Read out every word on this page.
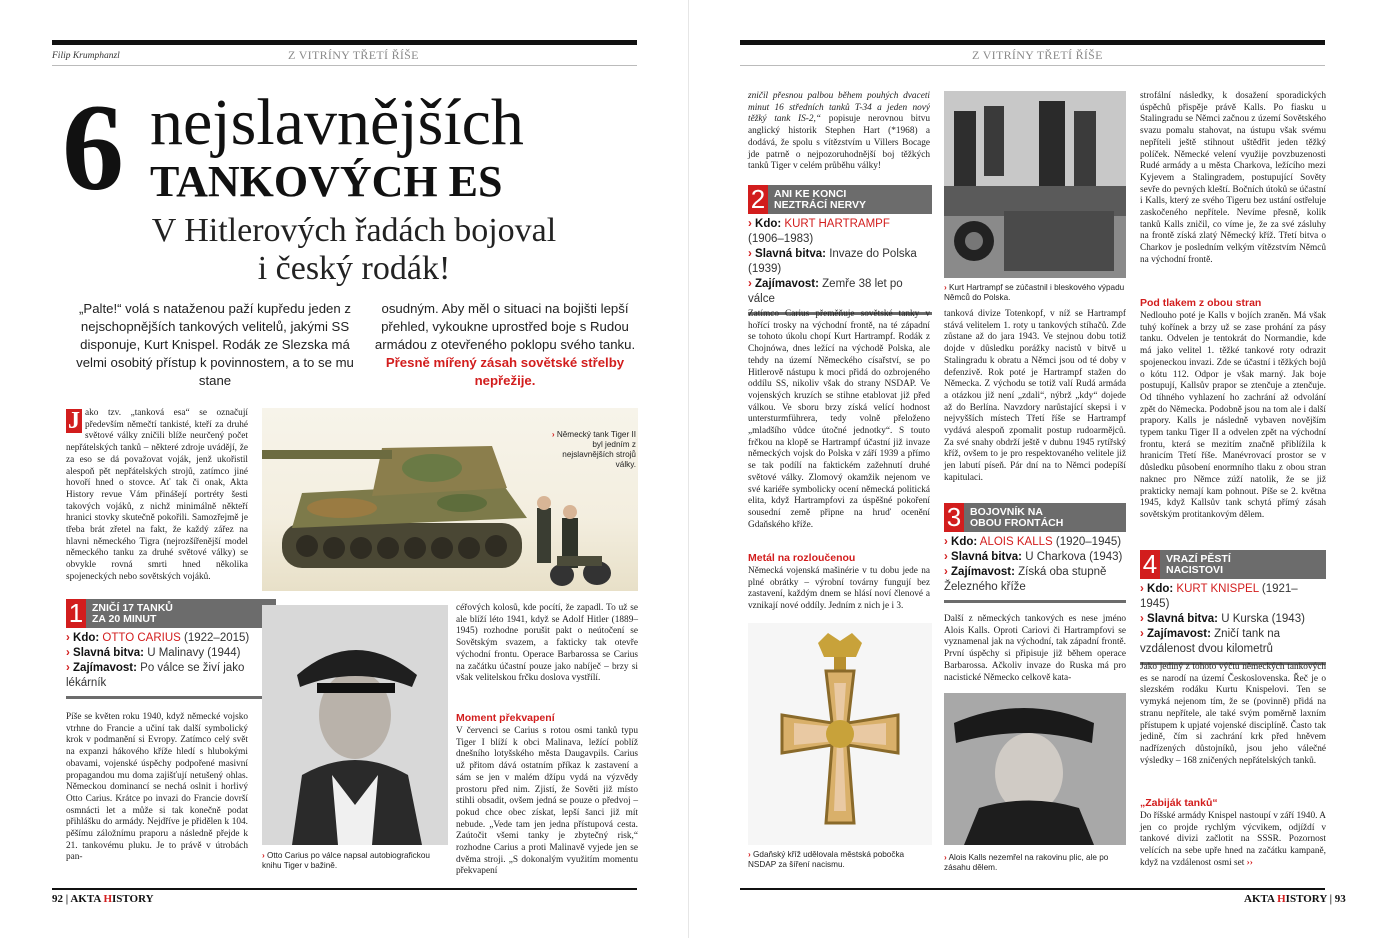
Filip Krumphanzl	Z VITRÍNY TŘETÍ ŘÍŠE
6 nejslavnějších
TANKOVÝCH ES
V Hitlerových řadách bojoval
i český rodák!
„Palte!“ volá s nataženou paží kupředu jeden z nejschopnějších tankových velitelů, jakými SS disponuje, Kurt Knispel. Rodák ze Slezska má velmi osobitý přístup k povinnostem, a to se mu stane
osudným. Aby měl o situaci na bojišti lepší přehled, vykoukne uprostřed boje s Rudou armádou z otevřeného poklopu svého tanku. Přesně mířený zásah sovětské střelby nepřežije.
J ako tzv. „tanková esa“ se označují především němečtí tankisté, kteří za druhé světové války zničili blíže neurčený počet nepřátelských tanků – některé zdroje uvádějí, že za eso se dá považovat voják, jenž ukořistil alespoň pět nepřátelských strojů, zatímco jiné hovoří hned o stovce. Ať tak či onak, Akta History revue Vám přinášejí portréty šesti takových vojáků, z nichž minimálně někteří hranici stovky skutečně pokořili. Samozřejmě je třeba brát zřetel na fakt, že každý zářez na hlavni německého Tigra (nejrozšířenější model německého tanku za druhé světové války) se obvykle rovná smrti hned několika spojeneckých nebo sovětských vojáků.
› Německý tank Tiger II byl jedním z nejslavnějších strojů války.
1 ZNIČÍ 17 TANKŮ
ZA 20 MINUT
› Kdo: OTTO CARIUS (1922–2015)
› Slavná bitva: U Malinavy (1944)
› Zajímavost: Po válce se živí jako lékárník
Píše se květen roku 1940, když německé vojsko vtrhne do Francie a učiní tak další symbolický krok v podmanění si Evropy. Zatímco celý svět na expanzi hákového kříže hledí s hlubokými obavami, vojenské úspěchy podpořené masivní propagandou mu doma zajišťují netušený ohlas. Německou dominancí se nechá oslnit i horlivý Otto Carius. Krátce po invazi do Francie dovrší osmnácti let a může si tak konečně podat přihlášku do armády. Nejdříve je přidělen k 104. pěšímu záložnímu praporu a následně přejde k 21. tankovému pluku. Je to právě v útrobách pan-	› Otto Carius po válce napsal autobiografickou knihu Tiger v bažině.
céřových kolosů, kde pocítí, že zapadl. To už se ale blíží léto 1941, když se Adolf Hitler (1889–1945) rozhodne porušit pakt o neútočení se Sovětským svazem, a fakticky tak otevře východní frontu. Operace Barbarossa se Carius na začátku účastní pouze jako nabíječ – brzy si však velitelskou frčku doslova vystřílí.
Moment překvapení
V červenci se Carius s rotou osmi tanků typu Tiger I blíží k obci Malinava, ležící poblíž dnešního lotyšského města Daugavpils. Carius už přitom dává ostatním příkaz k zastavení a sám se jen v malém džípu vydá na výzvědy prostoru před nim. Zjistí, že Sověti již místo stihli obsadit, ovšem jedná se pouze o předvoj – pokud chce obec získat, lepší šanci již mít nebude. „Vede tam jen jedna přístupová cesta. Zaútočit všemi tanky je zbytečný risk,“ rozhodne Carius a proti Malinavě vyjede jen se dvěma stroji. „S dokonalým využitím momentu překvapení
92 | AKTA HISTORY
Z VITRÍNY TŘETÍ ŘÍŠE
zničil přesnou palbou během pouhých dvaceti minut 16 středních tanků T-34 a jeden nový těžký tank IS-2,“ popisuje nerovnou bitvu anglický historik Stephen Hart (*1968) a dodává, že spolu s vítězstvím u Villers Bocage jde patrně o nejpozoruhodnější boj těžkých tanků Tiger v celém průběhu války!
2 ANI KE KONCI
NEZTRÁCÍ NERVY
› Kdo: KURT HARTRAMPF
(1906–1983)
› Slavná bitva: Invaze do Polska (1939)
› Zajímavost: Zemře 38 let po válce
Zatímco Carius přeměňuje sovětské tanky v hořící trosky na východní frontě, na té západní se tohoto úkolu chopí Kurt Hartrampf. Rodák z Chojnówa, dnes ležící na východě Polska, ale tehdy na území Německého císařství, se po Hitlerově nástupu k moci přidá do ozbrojeného oddílu SS, nikoliv však do strany NSDAP. Ve vojenských kruzích se stihne etablovat již před válkou. Ve sboru brzy získá velící hodnost untersturmführera, tedy volně přeloženo „mladšího vůdce útočné jednotky“. S touto frčkou na klopě se Hartrampf účastní již invaze německých vojsk do Polska v září 1939 a přímo se tak podílí na faktickém zažehnutí druhé světové války. Zlomový okamžik nejenom ve své kariéře symbolicky ocení německá politická elita, když Hartrampfovi za úspěšné pokoření sousední země připne na hruď ocenění Gdaňského kříže.
Metál na rozloučenou
Německá vojenská mašinérie v tu dobu jede na plné obrátky – výrobní továrny fungují bez zastavení, každým dnem se hlásí noví členové a vznikají nové oddíly. Jedním z nich je i 3.
› Gdaňský kříž udělovala městská pobočka NSDAP za šíření nacismu.
› Kurt Hartrampf se zúčastnil i bleskového výpadu Němců do Polska.
tanková divize Totenkopf, v níž se Hartrampf stává velitelem 1. roty u tankových stíhačů. Zde zůstane až do jara 1943. Ve stejnou dobu totiž dojde v důsledku porážky nacistů v bitvě u Stalingradu k obratu a Němci jsou od té doby v defenzivě. Rok poté je Hartrampf stažen do Německa. Z východu se totiž valí Rudá armáda a otázkou již není „zdali“, nýbrž „kdy“ dojede až do Berlína. Navzdory narůstající skepsi i v nejvyšších místech Třetí říše se Hartrampf vydává alespoň zpomalit postup rudoarmějců. Za své snahy obdrží ještě v dubnu 1945 rytířský kříž, ovšem to je pro respektovaného velitele již jen labutí píseň. Pár dní na to Němci podepíší kapitulaci.
3 BOJOVNÍK NA
OBOU FRONTÁCH
› Kdo: ALOIS KALLS (1920–1945)
› Slavná bitva: U Charkova (1943)
› Zajímavost: Získá oba stupně Železného kříže
Další z německých tankových es nese jméno Alois Kalls. Oproti Cariovi či Hartrampfovi se vyznamenal jak na východní, tak západní frontě. První úspěchy si připisuje již během operace Barbarossa. Ačkoliv invaze do Ruska má pro nacistické Německo celkově kata-
› Alois Kalls nezemřel na rakovinu plic, ale po zásahu dělem.
strofální následky, k dosažení sporadických úspěchů přispěje právě Kalls. Po fiasku u Stalingradu se Němci začnou z území Sovětského svazu pomalu stahovat, na ústupu však svému nepříteli ještě stihnout uštědřit jeden těžký políček. Německé velení využije povzbuzenosti Rudé armády a u města Charkova, ležícího mezi Kyjevem a Stalingradem, postupující Sověty sevře do pevných kleští. Bočních útoků se účastní i Kalls, který ze svého Tigeru bez ustání ostřeluje zaskočeného nepřítele. Nevíme přesně, kolik tanků Kalls zničil, co víme je, že za své zásluhy na frontě získá zlatý Německý kříž. Třetí bitva o Charkov je posledním velkým vítězstvím Němců na východní frontě.
Pod tlakem z obou stran
Nedlouho poté je Kalls v bojích zraněn. Má však tuhý kořínek a brzy už se zase prohání za pásy tanku. Odvelen je tentokrát do Normandie, kde má jako velitel 1. těžké tankové roty odrazit spojeneckou invazi. Zde se účastní i těžkých bojů o kótu 112. Odpor je však marný. Jak boje postupují, Kallsův prapor se ztenčuje a ztenčuje. Od tíhného vyhlazení ho zachrání až odvolání zpět do Německa. Podobně jsou na tom ale i další prapory. Kalls je následně vybaven novějším typem tanku Tiger II a odvelen zpět na východní frontu, která se mezitím značně přiblížila k hranicím Třetí říše. Manévrovací prostor se v důsledku působení enormního tlaku z obou stran naknec pro Němce zúží natolik, že se již prakticky nemají kam pohnout. Píše se 2. května 1945, když Kallsův tank schytá přímý zásah sovětským protitankovým dělem.
4 VRAZÍ PĚSTÍ
NACISTOVI
› Kdo: KURT KNISPEL (1921–1945)
› Slavná bitva: U Kurska (1943)
› Zajímavost: Zničí tank na vzdálenost dvou kilometrů
Jako jediný z tohoto výčtu německých tankových es se narodí na území Československa. Řeč je o slezském rodáku Kurtu Knispelovi. Ten se vymyká nejenom tím, že se (povinně) přidá na stranu nepřítele, ale také svým poměrně laxním přístupem k upjaté vojenské disciplíně. Často tak jedině, čím si zachrání krk před hněvem nadřízených důstojníků, jsou jeho válečné výsledky – 168 zničených nepřátelských tanků.
„Zabiják tanků“
Do říšské armády Knispel nastoupí v září 1940. A jen co projde rychlým výcvikem, odjíždí v tankové divizi začlotit na SSSR. Pozornost velících na sebe upře hned na začátku kampaně, když na vzdálenost osmi set ››
AKTA HISTORY | 93
